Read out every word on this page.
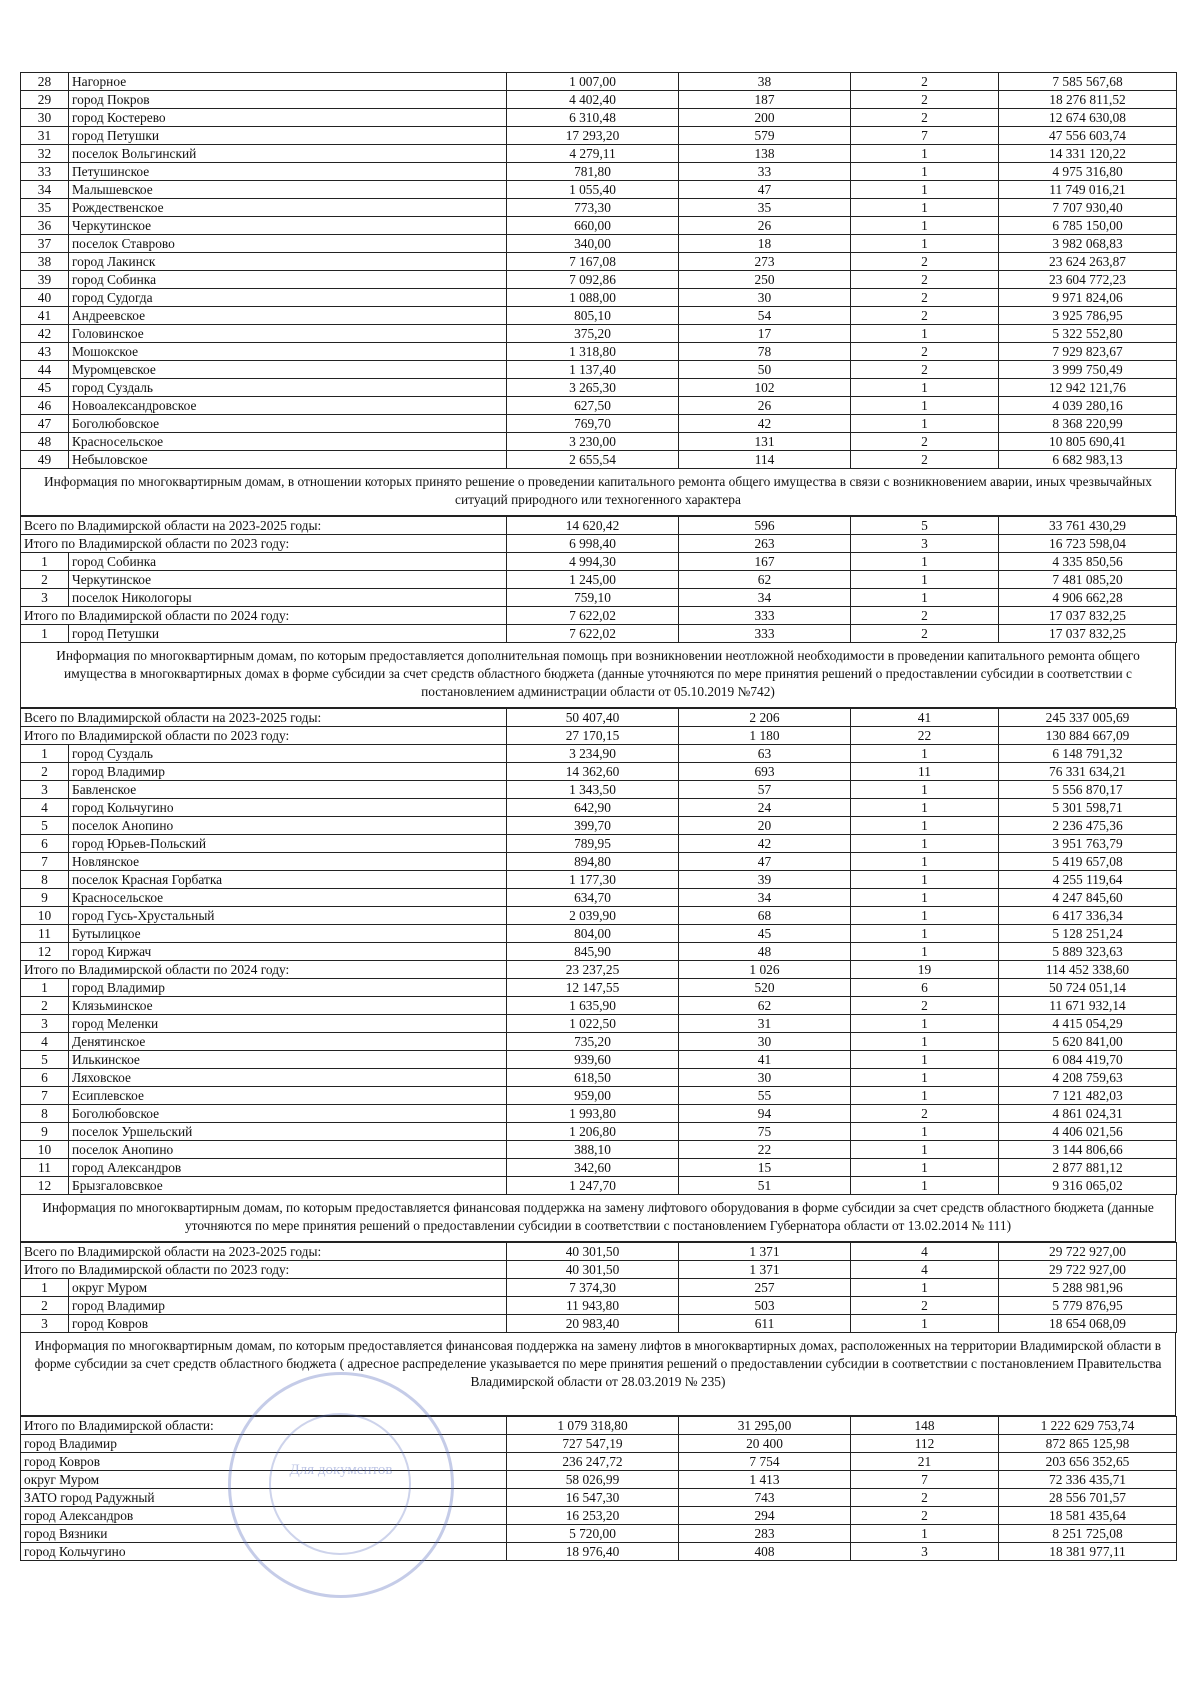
28	Нагорное	1 007,00	38	2	7 585 567,68
29	город Покров	4 402,40	187	2	18 276 811,52
30	город Костерево	6 310,48	200	2	12 674 630,08
31	город Петушки	17 293,20	579	7	47 556 603,74
32	поселок Вольгинский	4 279,11	138	1	14 331 120,22
33	Петушинское	781,80	33	1	4 975 316,80
34	Малышевское	1 055,40	47	1	11 749 016,21
35	Рождественское	773,30	35	1	7 707 930,40
36	Черкутинское	660,00	26	1	6 785 150,00
37	поселок Ставрово	340,00	18	1	3 982 068,83
38	город Лакинск	7 167,08	273	2	23 624 263,87
39	город Собинка	7 092,86	250	2	23 604 772,23
40	город Судогда	1 088,00	30	2	9 971 824,06
41	Андреевское	805,10	54	2	3 925 786,95
42	Головинское	375,20	17	1	5 322 552,80
43	Мошокское	1 318,80	78	2	7 929 823,67
44	Муромцевское	1 137,40	50	2	3 999 750,49
45	город Суздаль	3 265,30	102	1	12 942 121,76
46	Новоалександровское	627,50	26	1	4 039 280,16
47	Боголюбовское	769,70	42	1	8 368 220,99
48	Красносельское	3 230,00	131	2	10 805 690,41
49	Небыловское	2 655,54	114	2	6 682 983,13
Информация по многоквартирным домам, в отношении которых принято решение о проведении капитального ремонта общего имущества в связи с возникновением аварии, иных чрезвычайных ситуаций природного или техногенного характера
Всего по Владимирской области на 2023-2025 годы:		14 620,42	596	5	33 761 430,29
Итого по Владимирской области по 2023 году:		6 998,40	263	3	16 723 598,04
1	город Собинка	4 994,30	167	1	4 335 850,56
2	Черкутинское	1 245,00	62	1	7 481 085,20
3	поселок Никологоры	759,10	34	1	4 906 662,28
Итого по Владимирской области по 2024 году:		7 622,02	333	2	17 037 832,25
1	город Петушки	7 622,02	333	2	17 037 832,25
Информация по многоквартирным домам, по которым предоставляется дополнительная помощь при возникновении неотложной необходимости в проведении капитального ремонта общего имущества в многоквартирных домах в форме субсидии за счет средств областного бюджета (данные уточняются по мере принятия решений о предоставлении субсидии в соответствии с постановлением администрации области от 05.10.2019 №742)
Всего по Владимирской области на 2023-2025 годы:		50 407,40	2 206	41	245 337 005,69
Итого по Владимирской области по 2023 году:		27 170,15	1 180	22	130 884 667,09
1	город Суздаль	3 234,90	63	1	6 148 791,32
2	город Владимир	14 362,60	693	11	76 331 634,21
3	Бавленское	1 343,50	57	1	5 556 870,17
4	город Кольчугино	642,90	24	1	5 301 598,71
5	поселок Анопино	399,70	20	1	2 236 475,36
6	город Юрьев-Польский	789,95	42	1	3 951 763,79
7	Новлянское	894,80	47	1	5 419 657,08
8	поселок Красная Горбатка	1 177,30	39	1	4 255 119,64
9	Красносельское	634,70	34	1	4 247 845,60
10	город Гусь-Хрустальный	2 039,90	68	1	6 417 336,34
11	Бутылицкое	804,00	45	1	5 128 251,24
12	город Киржач	845,90	48	1	5 889 323,63
Итого по Владимирской области по 2024 году:		23 237,25	1 026	19	114 452 338,60
1	город Владимир	12 147,55	520	6	50 724 051,14
2	Клязьминское	1 635,90	62	2	11 671 932,14
3	город Меленки	1 022,50	31	1	4 415 054,29
4	Денятинское	735,20	30	1	5 620 841,00
5	Илькинское	939,60	41	1	6 084 419,70
6	Ляховское	618,50	30	1	4 208 759,63
7	Есиплевское	959,00	55	1	7 121 482,03
8	Боголюбовское	1 993,80	94	2	4 861 024,31
9	поселок Уршельский	1 206,80	75	1	4 406 021,56
10	поселок Анопино	388,10	22	1	3 144 806,66
11	город Александров	342,60	15	1	2 877 881,12
12	Брызгаловсвкое	1 247,70	51	1	9 316 065,02
Информация по многоквартирным домам, по которым предоставляется финансовая поддержка на замену лифтового оборудования в форме субсидии за счет средств областного бюджета (данные уточняются по мере принятия решений о предоставлении субсидии в соответствии с постановлением Губернатора области от 13.02.2014 № 111)
Всего по Владимирской области на 2023-2025 годы:		40 301,50	1 371	4	29 722 927,00
Итого по Владимирской области по 2023 году:		40 301,50	1 371	4	29 722 927,00
1	округ Муром	7 374,30	257	1	5 288 981,96
2	город Владимир	11 943,80	503	2	5 779 876,95
3	город Ковров	20 983,40	611	1	18 654 068,09
Информация по многоквартирным домам, по которым предоставляется финансовая поддержка на замену лифтов в многоквартирных домах, расположенных на территории Владимирской области в форме субсидии за счет средств областного бюджета ( адресное распределение указывается по мере принятия решений о предоставлении субсидии в соответствии с постановлением Правительства Владимирской области от 28.03.2019 № 235)
Итого по Владимирской области:	1 079 318,80	31 295,00	148	1 222 629 753,74
город Владимир	727 547,19	20 400	112	872 865 125,98
город Ковров	236 247,72	7 754	21	203 656 352,65
округ Муром	58 026,99	1 413	7	72 336 435,71
ЗАТО город Радужный	16 547,30	743	2	28 556 701,57
город Александров	16 253,20	294	2	18 581 435,64
город Вязники	5 720,00	283	1	8 251 725,08
город Кольчугино	18 976,40	408	3	18 381 977,11
Для документов
